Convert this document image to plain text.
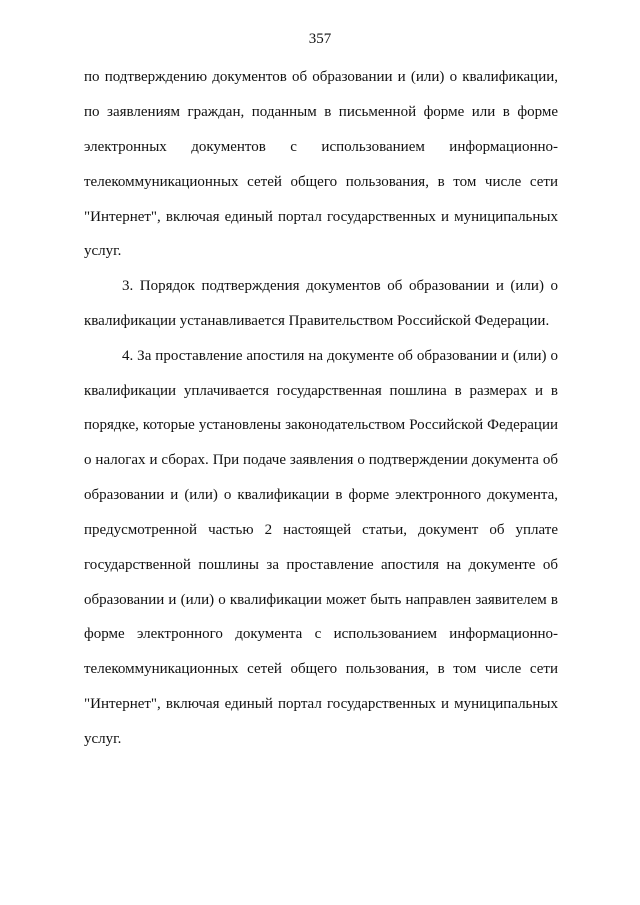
357
по подтверждению документов об образовании и (или) о квалификации,
по заявлениям граждан, поданным в письменной форме или в форме
электронных документов с использованием информационно-
телекоммуникационных сетей общего пользования, в том числе сети
"Интернет", включая единый портал государственных и муниципальных
услуг.
3. Порядок подтверждения документов об образовании и (или) о
квалификации устанавливается Правительством Российской Федерации.
4. За проставление апостиля на документе об образовании и (или) о
квалификации уплачивается государственная пошлина в размерах и в
порядке, которые установлены законодательством Российской Федерации
о налогах и сборах. При подаче заявления о подтверждении документа об
образовании и (или) о квалификации в форме электронного документа,
предусмотренной частью 2 настоящей статьи, документ об уплате
государственной пошлины за проставление апостиля на документе об
образовании и (или) о квалификации может быть направлен заявителем в
форме электронного документа с использованием информационно-
телекоммуникационных сетей общего пользования, в том числе сети
"Интернет", включая единый портал государственных и муниципальных
услуг.
